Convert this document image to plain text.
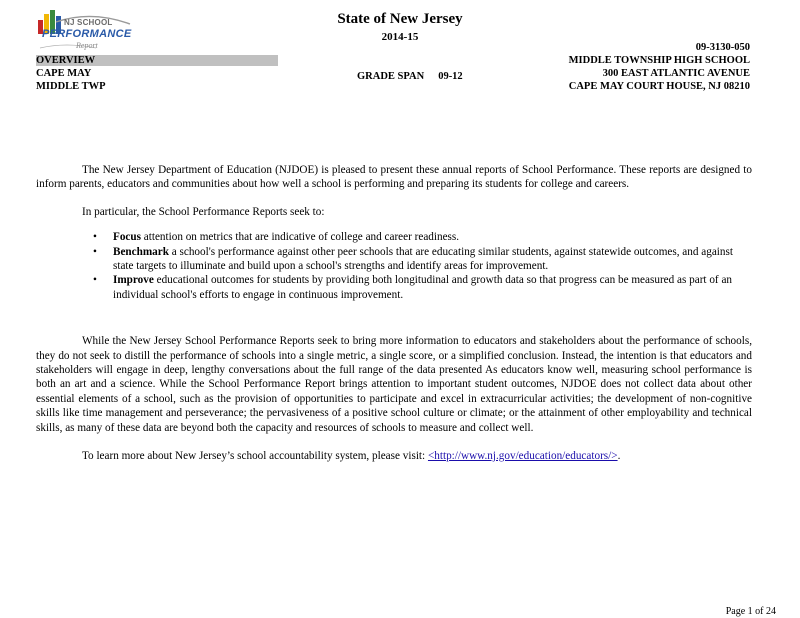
NJ SCHOOL
PERFORMANCE
Report
State of New Jersey
2014-15
OVERVIEW
CAPE MAY
MIDDLE TWP
GRADE SPAN 09-12
09-3130-050
MIDDLE TOWNSHIP HIGH SCHOOL
300 EAST ATLANTIC AVENUE
CAPE MAY COURT HOUSE, NJ 08210

The New Jersey Department of Education (NJDOE) is pleased to present these annual reports of School Performance. These reports are designed to inform parents, educators and communities about how well a school is performing and preparing its students for college and careers.

In particular, the School Performance Reports seek to:

• Focus attention on metrics that are indicative of college and career readiness.
• Benchmark a school's performance against other peer schools that are educating similar students, against statewide outcomes, and against state targets to illuminate and build upon a school's strengths and identify areas for improvement.
• Improve educational outcomes for students by providing both longitudinal and growth data so that progress can be measured as part of an individual school's efforts to engage in continuous improvement.

While the New Jersey School Performance Reports seek to bring more information to educators and stakeholders about the performance of schools, they do not seek to distill the performance of schools into a single metric, a single score, or a simplified conclusion. Instead, the intention is that educators and stakeholders will engage in deep, lengthy conversations about the full range of the data presented As educators know well, measuring school performance is both an art and a science. While the School Performance Report brings attention to important student outcomes, NJDOE does not collect data about other essential elements of a school, such as the provision of opportunities to participate and excel in extracurricular activities; the development of non-cognitive skills like time management and perseverance; the pervasiveness of a positive school culture or climate; or the attainment of other employability and technical skills, as many of these data are beyond both the capacity and resources of schools to measure and collect well.

To learn more about New Jersey’s school accountability system, please visit: <http://www.nj.gov/education/educators/>.

Page 1 of 24
